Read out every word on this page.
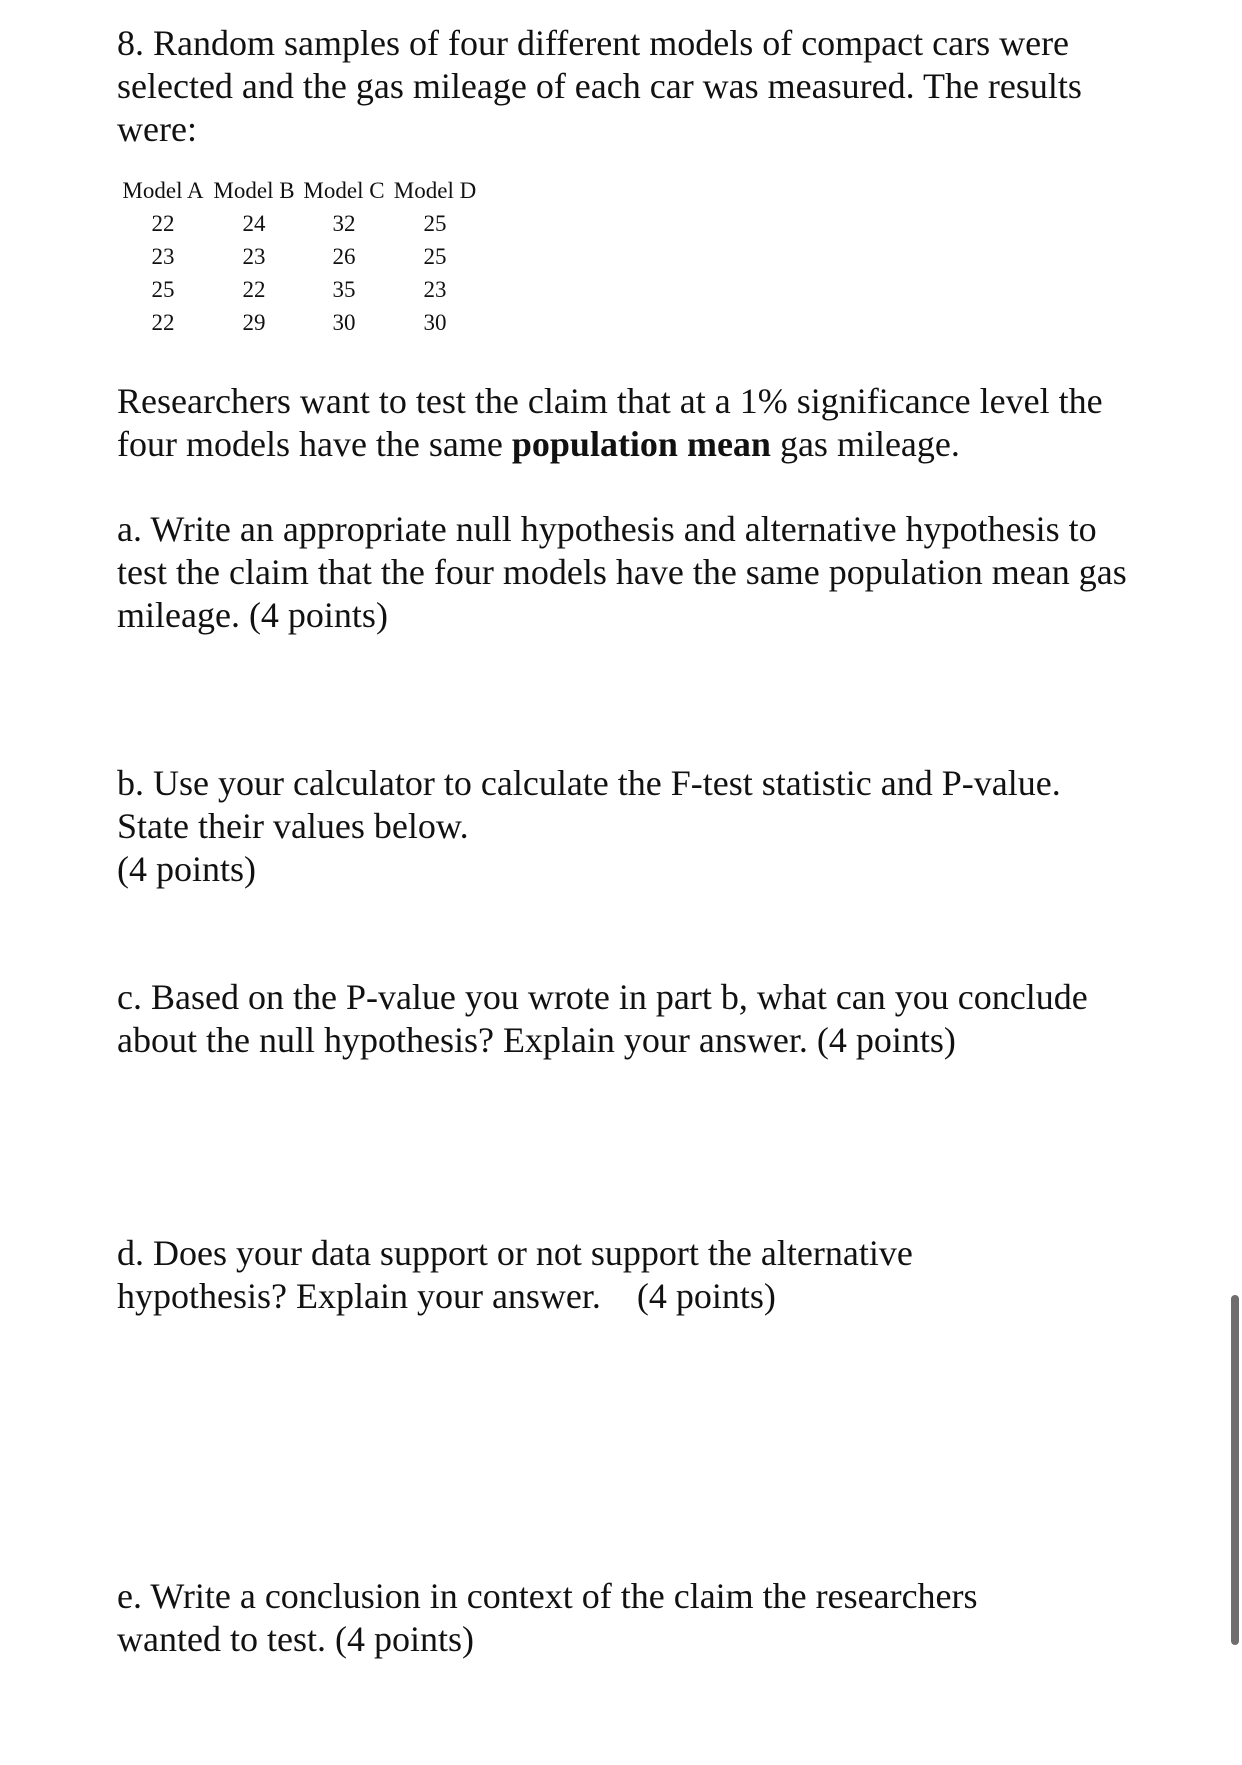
8. Random samples of four different models of compact cars were selected and the gas mileage of each car was measured. The results were:

Model A	Model B	Model C	Model D
22	24	32	25
23	23	26	25
25	22	35	23
22	29	30	30

Researchers want to test the claim that at a 1% significance level the four models have the same population mean gas mileage.

a. Write an appropriate null hypothesis and alternative hypothesis to test the claim that the four models have the same population mean gas mileage. (4 points)

b. Use your calculator to calculate the F-test statistic and P-value. State their values below.
(4 points)

c. Based on the P-value you wrote in part b, what can you conclude about the null hypothesis? Explain your answer. (4 points)

d. Does your data support or not support the alternative hypothesis? Explain your answer.    (4 points)

e. Write a conclusion in context of the claim the researchers wanted to test. (4 points)
